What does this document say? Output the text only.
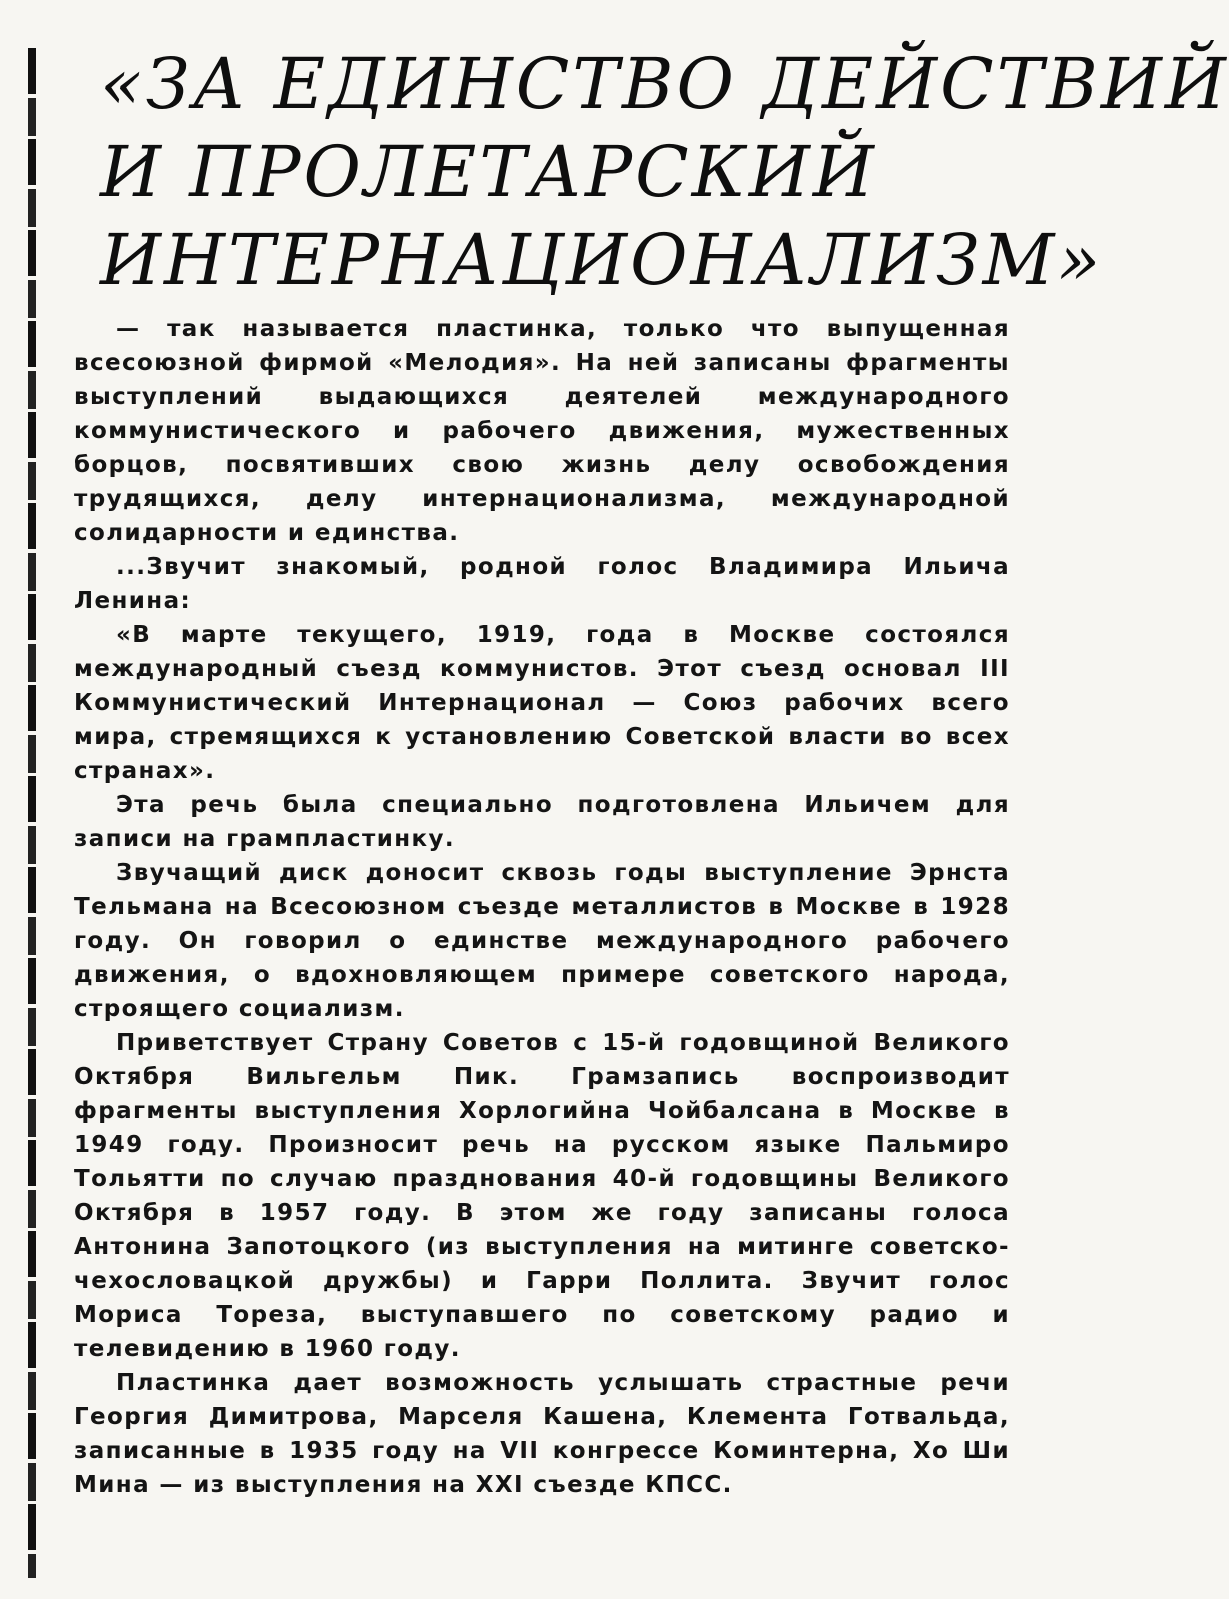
«ЗА ЕДИНСТВО ДЕЙСТВИЙ
И ПРОЛЕТАРСКИЙ
ИНТЕРНАЦИОНАЛИЗМ»

— так называется пластинка, только что выпущенная всесоюзной фирмой «Мелодия». На ней записаны фрагменты выступлений выдающихся деятелей международного коммунистического и рабочего движения, мужественных борцов, посвятивших свою жизнь делу освобождения трудящихся, делу интернационализма, международной солидарности и единства.

...Звучит знакомый, родной голос Владимира Ильича Ленина:

«В марте текущего, 1919, года в Москве состоялся международный съезд коммунистов. Этот съезд основал III Коммунистический Интернационал — Союз рабочих всего мира, стремящихся к установлению Советской власти во всех странах».

Эта речь была специально подготовлена Ильичем для записи на грампластинку.

Звучащий диск доносит сквозь годы выступление Эрнста Тельмана на Всесоюзном съезде металлистов в Москве в 1928 году. Он говорил о единстве международного рабочего движения, о вдохновляющем примере советского народа, строящего социализм.

Приветствует Страну Советов с 15-й годовщиной Великого Октября Вильгельм Пик. Грамзапись воспроизводит фрагменты выступления Хорлогийна Чойбалсана в Москве в 1949 году. Произносит речь на русском языке Пальмиро Тольятти по случаю празднования 40-й годовщины Великого Октября в 1957 году. В этом же году записаны голоса Антонина Запотоцкого (из выступления на митинге советско-чехословацкой дружбы) и Гарри Поллита. Звучит голос Мориса Тореза, выступавшего по советскому радио и телевидению в 1960 году.

Пластинка дает возможность услышать страстные речи Георгия Димитрова, Марселя Кашена, Клемента Готвальда, записанные в 1935 году на VII конгрессе Коминтерна, Хо Ши Мина — из выступления на XXI съезде КПСС.
